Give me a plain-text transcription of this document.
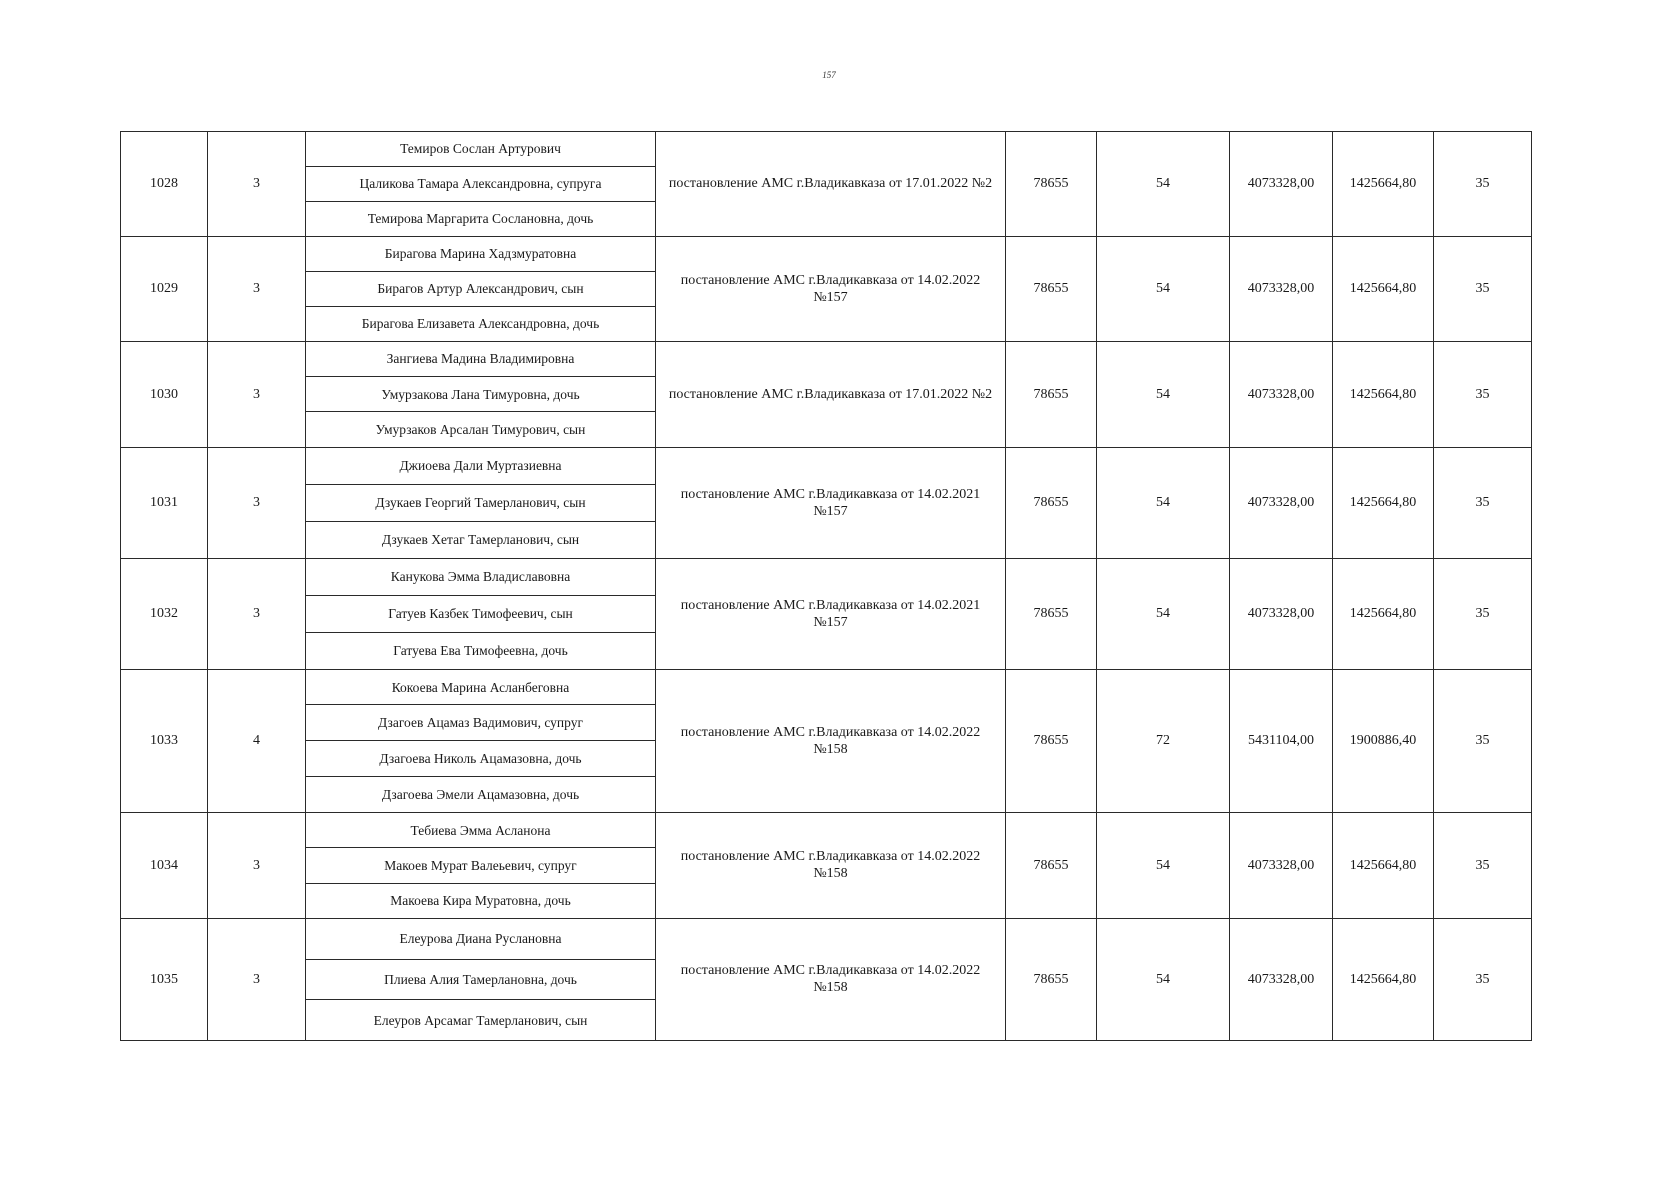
157
1028	3	Темиров Сослан Артурович	постановление АМС г.Владикавказа от 17.01.2022 №2	78655	54	4073328,00	1425664,80	35
		Цаликова Тамара Александровна, супруга						
		Темирова Маргарита Сослановна, дочь						
1029	3	Бирагова Марина Хадзмуратовна	постановление АМС г.Владикавказа от 14.02.2022 №157	78655	54	4073328,00	1425664,80	35
		Бирагов Артур Александрович, сын						
		Бирагова Елизавета Александровна, дочь						
1030	3	Зангиева Мадина Владимировна	постановление АМС г.Владикавказа от 17.01.2022 №2	78655	54	4073328,00	1425664,80	35
		Умурзакова Лана Тимуровна, дочь						
		Умурзаков Арсалан Тимурович, сын						
1031	3	Джиоева Дали Муртазиевна	постановление АМС г.Владикавказа от 14.02.2021 №157	78655	54	4073328,00	1425664,80	35
		Дзукаев Георгий Тамерланович, сын						
		Дзукаев Хетаг Тамерланович, сын						
1032	3	Канукова Эмма Владиславовна	постановление АМС г.Владикавказа от 14.02.2021 №157	78655	54	4073328,00	1425664,80	35
		Гатуев Казбек Тимофеевич, сын						
		Гатуева Ева Тимофеевна, дочь						
1033	4	Кокоева Марина Асланбеговна	постановление АМС г.Владикавказа от 14.02.2022 №158	78655	72	5431104,00	1900886,40	35
		Дзагоев Ацамаз Вадимович, супруг						
		Дзагоева Николь Ацамазовна, дочь						
		Дзагоева Эмели Ацамазовна, дочь						
1034	3	Тебиева Эмма Асланона	постановление АМС г.Владикавказа от 14.02.2022 №158	78655	54	4073328,00	1425664,80	35
		Макоев Мурат Валеьевич, супруг						
		Макоева Кира Муратовна, дочь						
1035	3	Елеурова Диана Руслановна	постановление АМС г.Владикавказа от 14.02.2022 №158	78655	54	4073328,00	1425664,80	35
		Плиева Алия Тамерлановна, дочь						
		Елеуров Арсамаг Тамерланович, сын						
